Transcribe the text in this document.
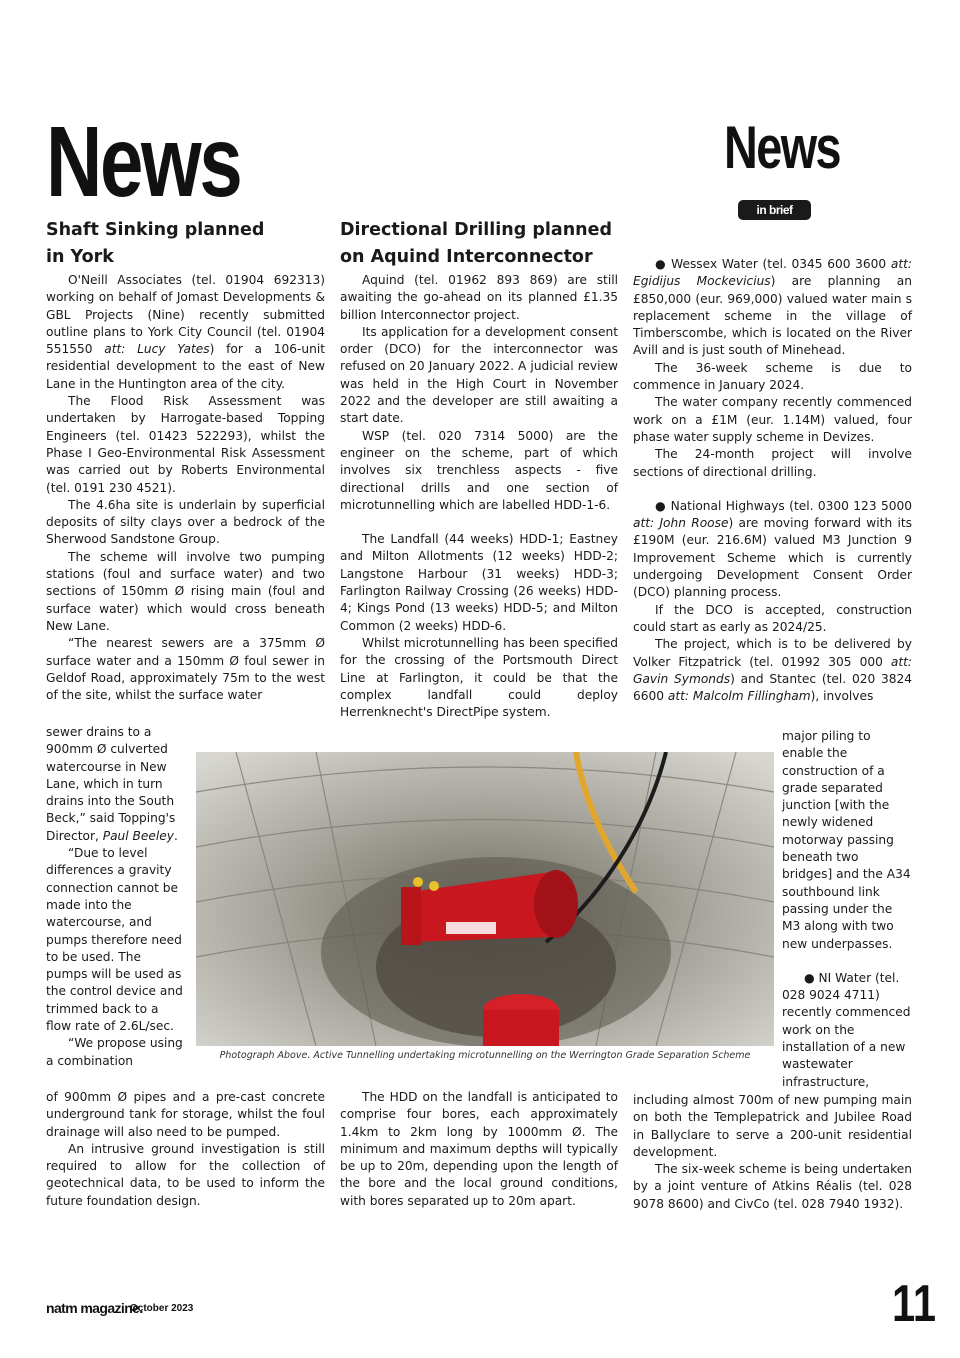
News	News
in brief
Shaft Sinking planned
in York

O'Neill Associates (tel. 01904 692313) working on behalf of Jomast Developments & GBL Projects (Nine) recently submitted outline plans to York City Council (tel. 01904 551550 att: Lucy Yates) for a 106-unit residential development to the east of New Lane in the Huntington area of the city.

The Flood Risk Assessment was undertaken by Harrogate-based Topping Engineers (tel. 01423 522293), whilst the Phase I Geo-Environmental Risk Assessment was carried out by Roberts Environmental (tel. 0191 230 4521).

The 4.6ha site is underlain by superficial deposits of silty clays over a bedrock of the Sherwood Sandstone Group.

The scheme will involve two pumping stations (foul and surface water) and two sections of 150mm Ø rising main (foul and surface water) which would cross beneath New Lane.

“The nearest sewers are a 375mm Ø surface water and a 150mm Ø foul sewer in Geldof Road, approximately 75m to the west of the site, whilst the surface water

sewer drains to a 900mm Ø culverted watercourse in New Lane, which in turn drains into the South Beck,” said Topping's Director, Paul Beeley.

“Due to level differences a gravity connection cannot be made into the watercourse, and pumps therefore need to be used. The pumps will be used as the control device and trimmed back to a flow rate of 2.6L/sec.

“We propose using a combination

of 900mm Ø pipes and a pre-cast concrete underground tank for storage, whilst the foul drainage will also need to be pumped.

An intrusive ground investigation is still required to allow for the collection of geotechnical data, to be used to inform the future foundation design.

Directional Drilling planned
on Aquind Interconnector

Aquind (tel. 01962 893 869) are still awaiting the go-ahead on its planned £1.35 billion Interconnector project.

Its application for a development consent order (DCO) for the interconnector was refused on 20 January 2022. A judicial review was held in the High Court in November 2022 and the developer are still awaiting a start date.

WSP (tel. 020 7314 5000) are the engineer on the scheme, part of which involves six trenchless aspects - five directional drills and one section of microtunnelling which are labelled HDD-1-6.

The Landfall (44 weeks) HDD-1; Eastney and Milton Allotments (12 weeks) HDD-2; Langstone Harbour (31 weeks) HDD-3; Farlington Railway Crossing (26 weeks) HDD-4; Kings Pond (13 weeks) HDD-5; and Milton Common (2 weeks) HDD-6.

Whilst microtunnelling has been specified for the crossing of the Portsmouth Direct Line at Farlington, it could be that the complex landfall could deploy Herrenknecht's DirectPipe system.

The HDD on the landfall is anticipated to comprise four bores, each approximately 1.4km to 2km long by 1000mm Ø. The minimum and maximum depths will typically be up to 20m, depending upon the length of the bore and the local ground conditions, with bores separated up to 20m apart.

● Wessex Water (tel. 0345 600 3600 att: Egidijus Mockevicius) are planning an £850,000 (eur. 969,000) valued water main s replacement scheme in the village of Timberscombe, which is located on the River Avill and is just south of Minehead.

The 36-week scheme is due to commence in January 2024.

The water company recently commenced work on a £1M (eur. 1.14M) valued, four phase water supply scheme in Devizes.

The 24-month project will involve sections of directional drilling.

● National Highways (tel. 0300 123 5000 att: John Roose) are moving forward with its £190M (eur. 216.6M) valued M3 Junction 9 Improvement Scheme which is currently undergoing Development Consent Order (DCO) planning process.

If the DCO is accepted, construction could start as early as 2024/25.

The project, which is to be delivered by Volker Fitzpatrick (tel. 01992 305 000 att: Gavin Symonds) and Stantec (tel. 020 3824 6600 att: Malcolm Fillingham), involves

major piling to enable the construction of a grade separated junction [with the newly widened motorway passing beneath two bridges] and the A34 southbound link passing under the M3 along with two new underpasses.

● NI Water (tel. 028 9024 4711) recently commenced work on the installation of a new wastewater infrastructure,

including almost 700m of new pumping main on both the Templepatrick and Jubilee Road in Ballyclare to serve a 200-unit residential development.

The six-week scheme is being undertaken by a joint venture of Atkins Réalis (tel. 028 9078 8600) and CivCo (tel. 028 7940 1932).

Photograph Above. Active Tunnelling undertaking microtunnelling on the Werrington Grade Separation Scheme
natm magazine.
October 2023	11
